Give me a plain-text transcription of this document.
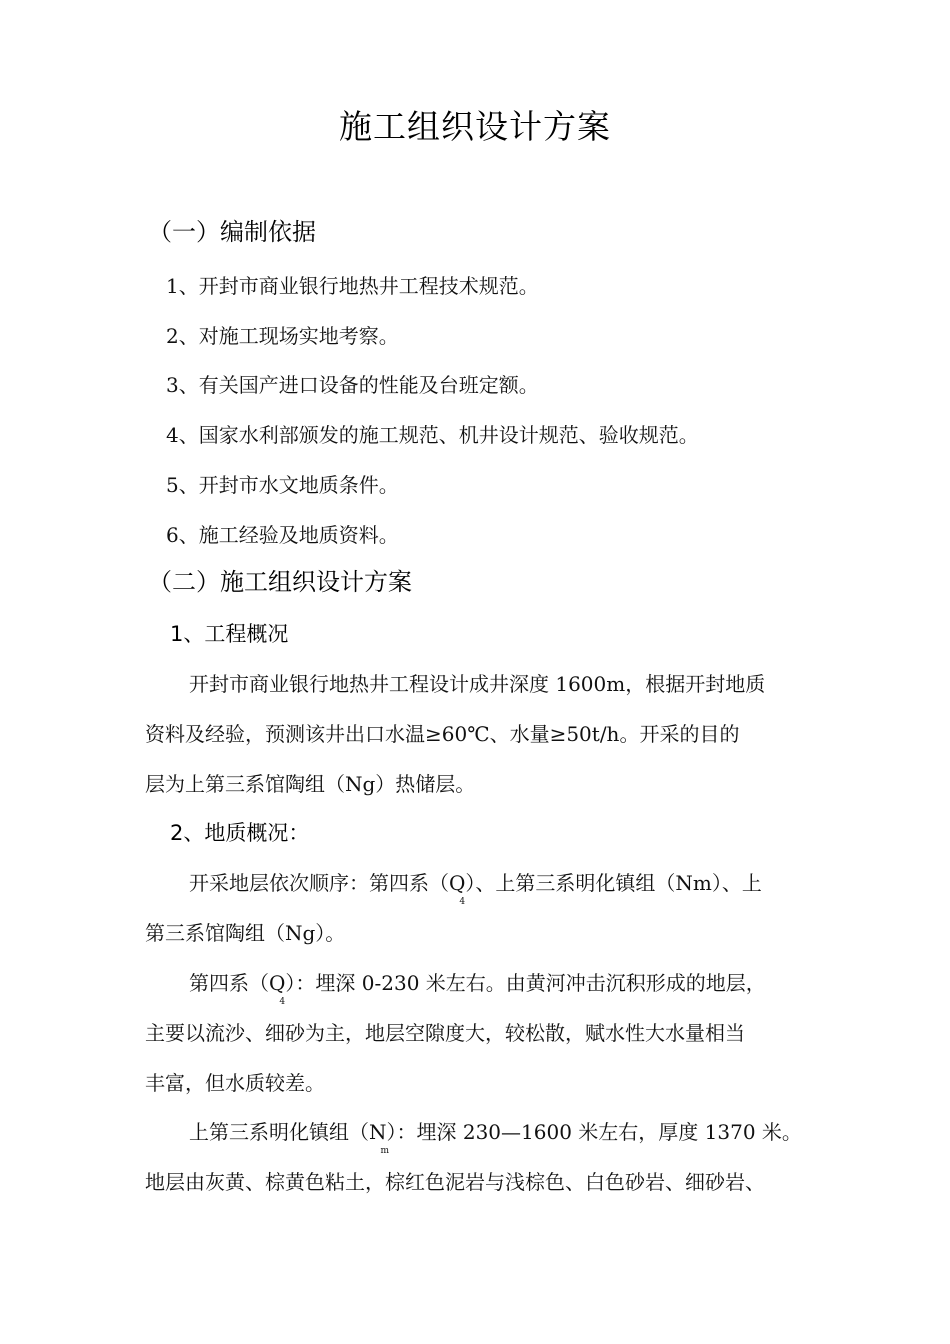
施工组织设计方案
（一）编制依据
1、开封市商业银行地热井工程技术规范。
2、对施工现场实地考察。
3、有关国产进口设备的性能及台班定额。
4、国家水利部颁发的施工规范、机井设计规范、验收规范。
5、开封市水文地质条件。
6、施工经验及地质资料。
（二）施工组织设计方案
1、工程概况
开封市商业银行地热井工程设计成井深度 1600m，根据开封地质
资料及经验，预测该井出口水温≥60℃、水量≥50t/h。开采的目的
层为上第三系馆陶组（Ng）热储层。
2、地质概况：
开采地层依次顺序：第四系（Q4）、上第三系明化镇组（Nm）、上
第三系馆陶组（Ng）。
第四系（Q4）：埋深 0-230 米左右。由黄河冲击沉积形成的地层，
主要以流沙、细砂为主，地层空隙度大，较松散，赋水性大水量相当
丰富，但水质较差。
上第三系明化镇组（Nm）：埋深 230—1600 米左右，厚度 1370 米。
地层由灰黄、棕黄色粘土，棕红色泥岩与浅棕色、白色砂岩、细砂岩、
